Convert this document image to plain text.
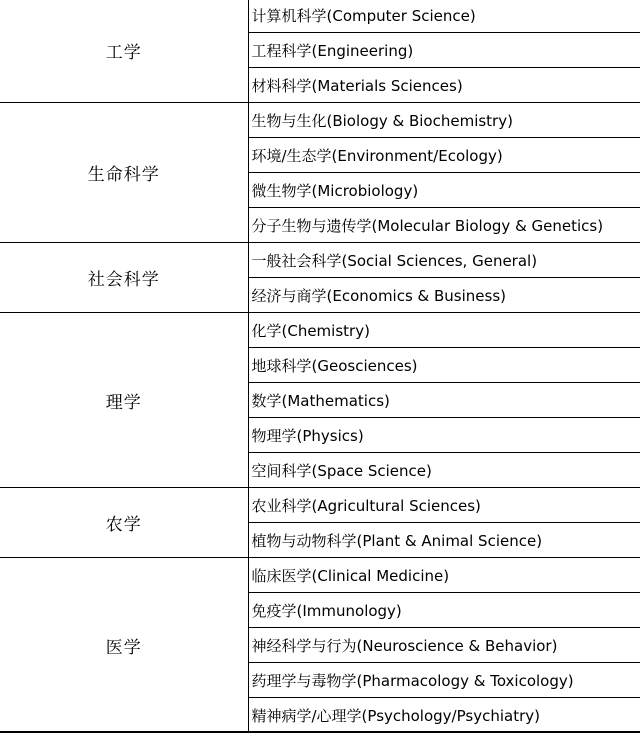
工学	计算机科学(Computer Science)
	工程科学(Engineering)
	材料科学(Materials Sciences)
生命科学	生物与生化(Biology & Biochemistry)
	环境/生态学(Environment/Ecology)
	微生物学(Microbiology)
	分子生物与遗传学(Molecular Biology & Genetics)
社会科学	一般社会科学(Social Sciences, General)
	经济与商学(Economics & Business)
理学	化学(Chemistry)
	地球科学(Geosciences)
	数学(Mathematics)
	物理学(Physics)
	空间科学(Space Science)
农学	农业科学(Agricultural Sciences)
	植物与动物科学(Plant & Animal Science)
医学	临床医学(Clinical Medicine)
	免疫学(Immunology)
	神经科学与行为(Neuroscience & Behavior)
	药理学与毒物学(Pharmacology & Toxicology)
	精神病学/心理学(Psychology/Psychiatry)
